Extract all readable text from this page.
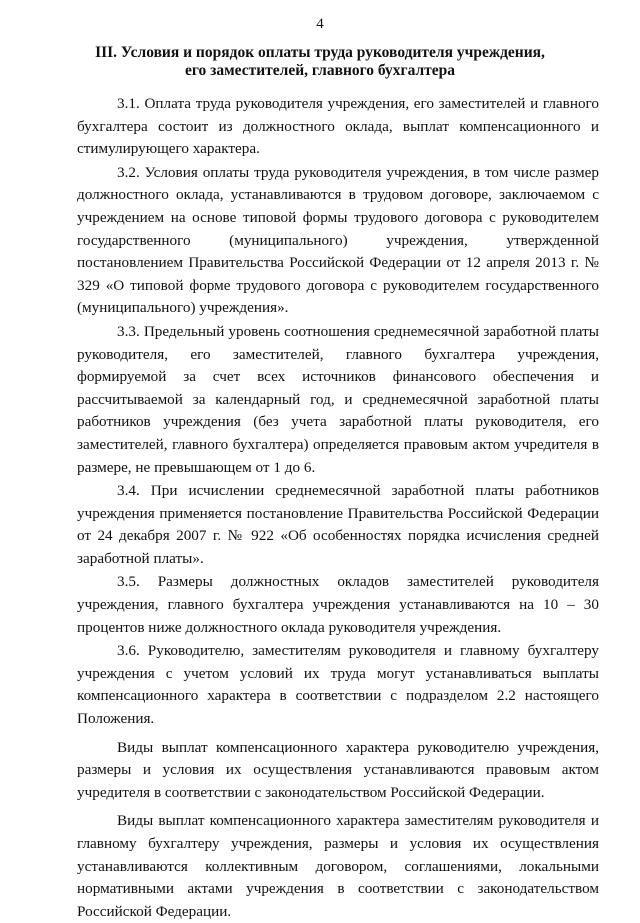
4
III. Условия и порядок оплаты труда руководителя учреждения,
его заместителей, главного бухгалтера

3.1. Оплата труда руководителя учреждения, его заместителей и главного бухгалтера состоит из должностного оклада, выплат компенсационного и стимулирующего характера.

3.2. Условия оплаты труда руководителя учреждения, в том числе размер должностного оклада, устанавливаются в трудовом договоре, заключаемом с учреждением на основе типовой формы трудового договора с руководителем государственного (муниципального) учреждения, утвержденной постановлением Правительства Российской Федерации от 12 апреля 2013 г. № 329 «О типовой форме трудового договора с руководителем государственного (муниципального) учреждения».

3.3. Предельный уровень соотношения среднемесячной заработной платы руководителя, его заместителей, главного бухгалтера учреждения, формируемой за счет всех источников финансового обеспечения и рассчитываемой за календарный год, и среднемесячной заработной платы работников учреждения (без учета заработной платы руководителя, его заместителей, главного бухгалтера) определяется правовым актом учредителя в размере, не превышающем от 1 до 6.

3.4. При исчислении среднемесячной заработной платы работников учреждения применяется постановление Правительства Российской Федерации от 24 декабря 2007 г. № 922 «Об особенностях порядка исчисления средней заработной платы».

3.5. Размеры должностных окладов заместителей руководителя учреждения, главного бухгалтера учреждения устанавливаются на 10 – 30 процентов ниже должностного оклада руководителя учреждения.

3.6. Руководителю, заместителям руководителя и главному бухгалтеру учреждения с учетом условий их труда могут устанавливаться выплаты компенсационного характера в соответствии с подразделом 2.2 настоящего Положения.

Виды выплат компенсационного характера руководителю учреждения, размеры и условия их осуществления устанавливаются правовым актом учредителя в соответствии с законодательством Российской Федерации.

Виды выплат компенсационного характера заместителям руководителя и главному бухгалтеру учреждения, размеры и условия их осуществления устанавливаются коллективным договором, соглашениями, локальными нормативными актами учреждения в соответствии с законодательством Российской Федерации.
